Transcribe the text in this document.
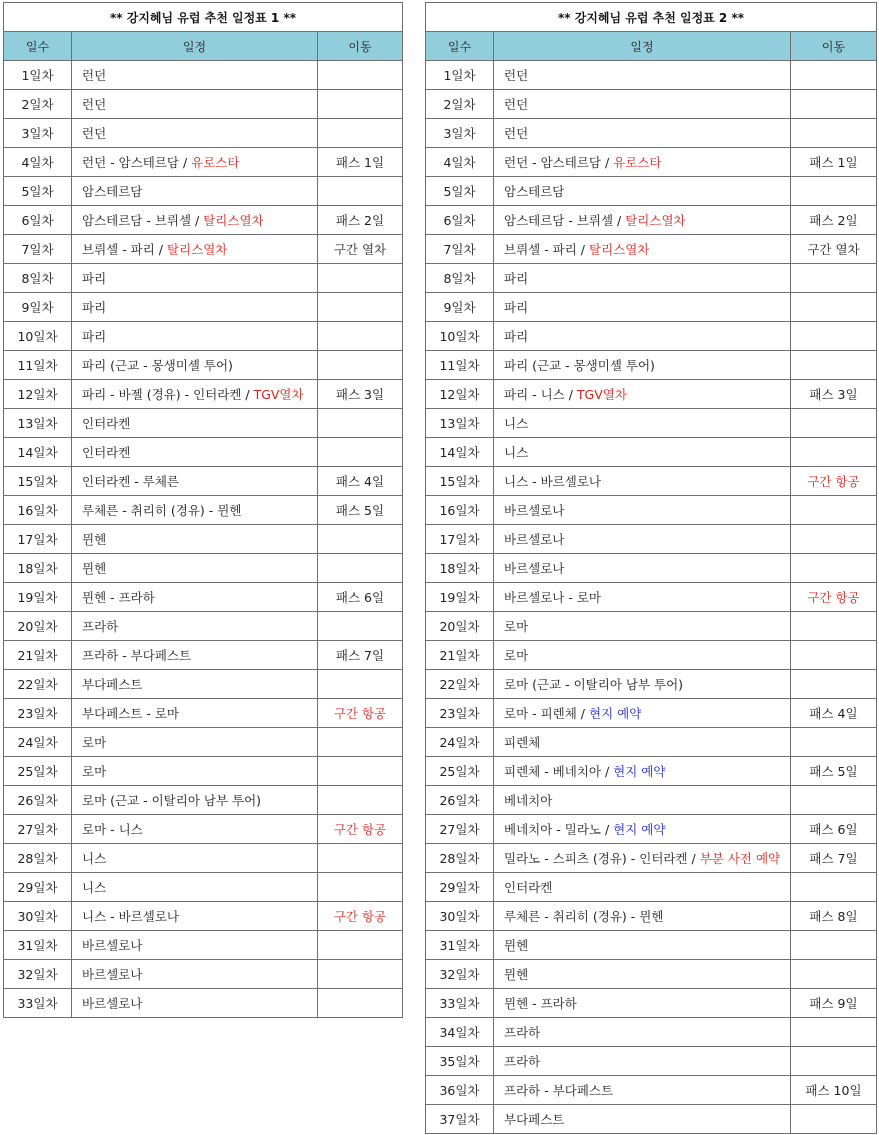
** 강지혜님 유럽 추천 일정표 1 **		
일수	일정	이동
1일차	런던	
2일차	런던	
3일차	런던	
4일차	런던 - 암스테르담 / 유로스타	패스 1일
5일차	암스테르담	
6일차	암스테르담 - 브뤼셀 / 탈리스열차	패스 2일
7일차	브뤼셀 - 파리 / 탈리스열차	구간 열차
8일차	파리	
9일차	파리	
10일차	파리	
11일차	파리 (근교 - 몽생미셸 투어)	
12일차	파리 - 바젤 (경유) - 인터라켄 / TGV열차	패스 3일
13일차	인터라켄	
14일차	인터라켄	
15일차	인터라켄 - 루체른	패스 4일
16일차	루체른 - 취리히 (경유) - 뮌헨	패스 5일
17일차	뮌헨	
18일차	뮌헨	
19일차	뮌헨 - 프라하	패스 6일
20일차	프라하	
21일차	프라하 - 부다페스트	패스 7일
22일차	부다페스트	
23일차	부다페스트 - 로마	구간 항공
24일차	로마	
25일차	로마	
26일차	로마 (근교 - 이탈리아 남부 투어)	
27일차	로마 - 니스	구간 항공
28일차	니스	
29일차	니스	
30일차	니스 - 바르셀로나	구간 항공
31일차	바르셀로나	
32일차	바르셀로나	
33일차	바르셀로나	
** 강지혜님 유럽 추천 일정표 2 **		
일수	일정	이동
1일차	런던	
2일차	런던	
3일차	런던	
4일차	런던 - 암스테르담 / 유로스타	패스 1일
5일차	암스테르담	
6일차	암스테르담 - 브뤼셀 / 탈리스열차	패스 2일
7일차	브뤼셀 - 파리 / 탈리스열차	구간 열차
8일차	파리	
9일차	파리	
10일차	파리	
11일차	파리 (근교 - 몽생미셸 투어)	
12일차	파리 - 니스 / TGV열차	패스 3일
13일차	니스	
14일차	니스	
15일차	니스 - 바르셀로나	구간 항공
16일차	바르셀로나	
17일차	바르셀로나	
18일차	바르셀로나	
19일차	바르셀로나 - 로마	구간 항공
20일차	로마	
21일차	로마	
22일차	로마 (근교 - 이탈리아 남부 투어)	
23일차	로마 - 피렌체 / 현지 예약	패스 4일
24일차	피렌체	
25일차	피렌체 - 베네치아 / 현지 예약	패스 5일
26일차	베네치아	
27일차	베네치아 - 밀라노 / 현지 예약	패스 6일
28일차	밀라노 - 스피츠 (경유) - 인터라켄 / 부분 사전 예약	패스 7일
29일차	인터라켄	
30일차	루체른 - 취리히 (경유) - 뮌헨	패스 8일
31일차	뮌헨	
32일차	뮌헨	
33일차	뮌헨 - 프라하	패스 9일
34일차	프라하	
35일차	프라하	
36일차	프라하 - 부다페스트	패스 10일
37일차	부다페스트	
